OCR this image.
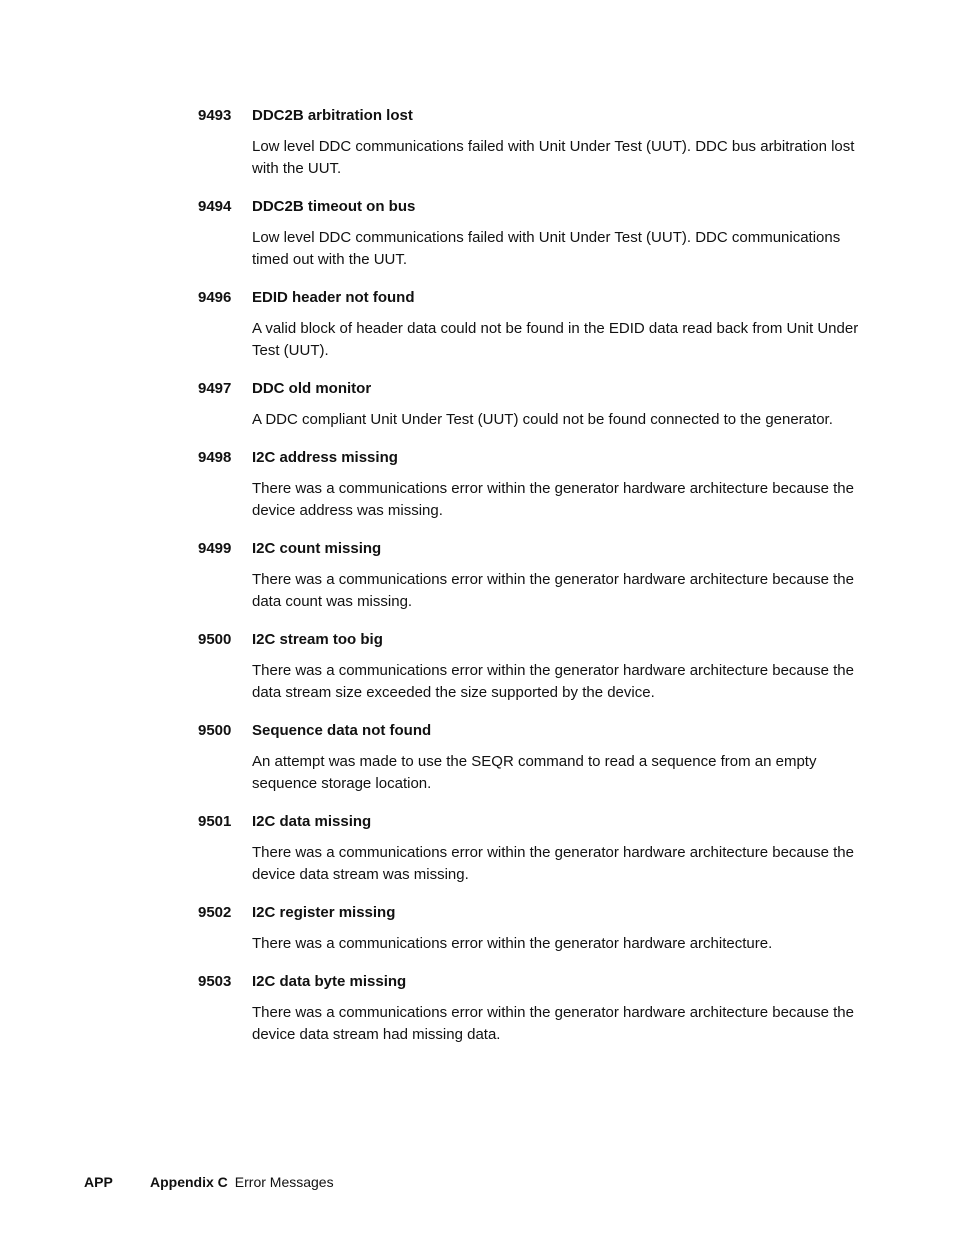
9493	DDC2B arbitration lost
Low level DDC communications failed with Unit Under Test (UUT). DDC bus arbitration lost with the UUT.
9494	DDC2B timeout on bus
Low level DDC communications failed with Unit Under Test (UUT). DDC communications timed out with the UUT.
9496	EDID header not found
A valid block of header data could not be found in the EDID data read back from Unit Under Test (UUT).
9497	DDC old monitor
A DDC compliant Unit Under Test (UUT) could not be found connected to the generator.
9498	I2C address missing
There was a communications error within the generator hardware architecture because the device address was missing.
9499	I2C count missing
There was a communications error within the generator hardware architecture because the data count was missing.
9500	I2C stream too big
There was a communications error within the generator hardware architecture because the data stream size exceeded the size supported by the device.
9500	Sequence data not found
An attempt was made to use the SEQR command to read a sequence from an empty sequence storage location.
9501	I2C data missing
There was a communications error within the generator hardware architecture because the device data stream was missing.
9502	I2C register missing
There was a communications error within the generator hardware architecture.
9503	I2C data byte missing
There was a communications error within the generator hardware architecture because the device data stream had missing data.
APP	Appendix C Error Messages
